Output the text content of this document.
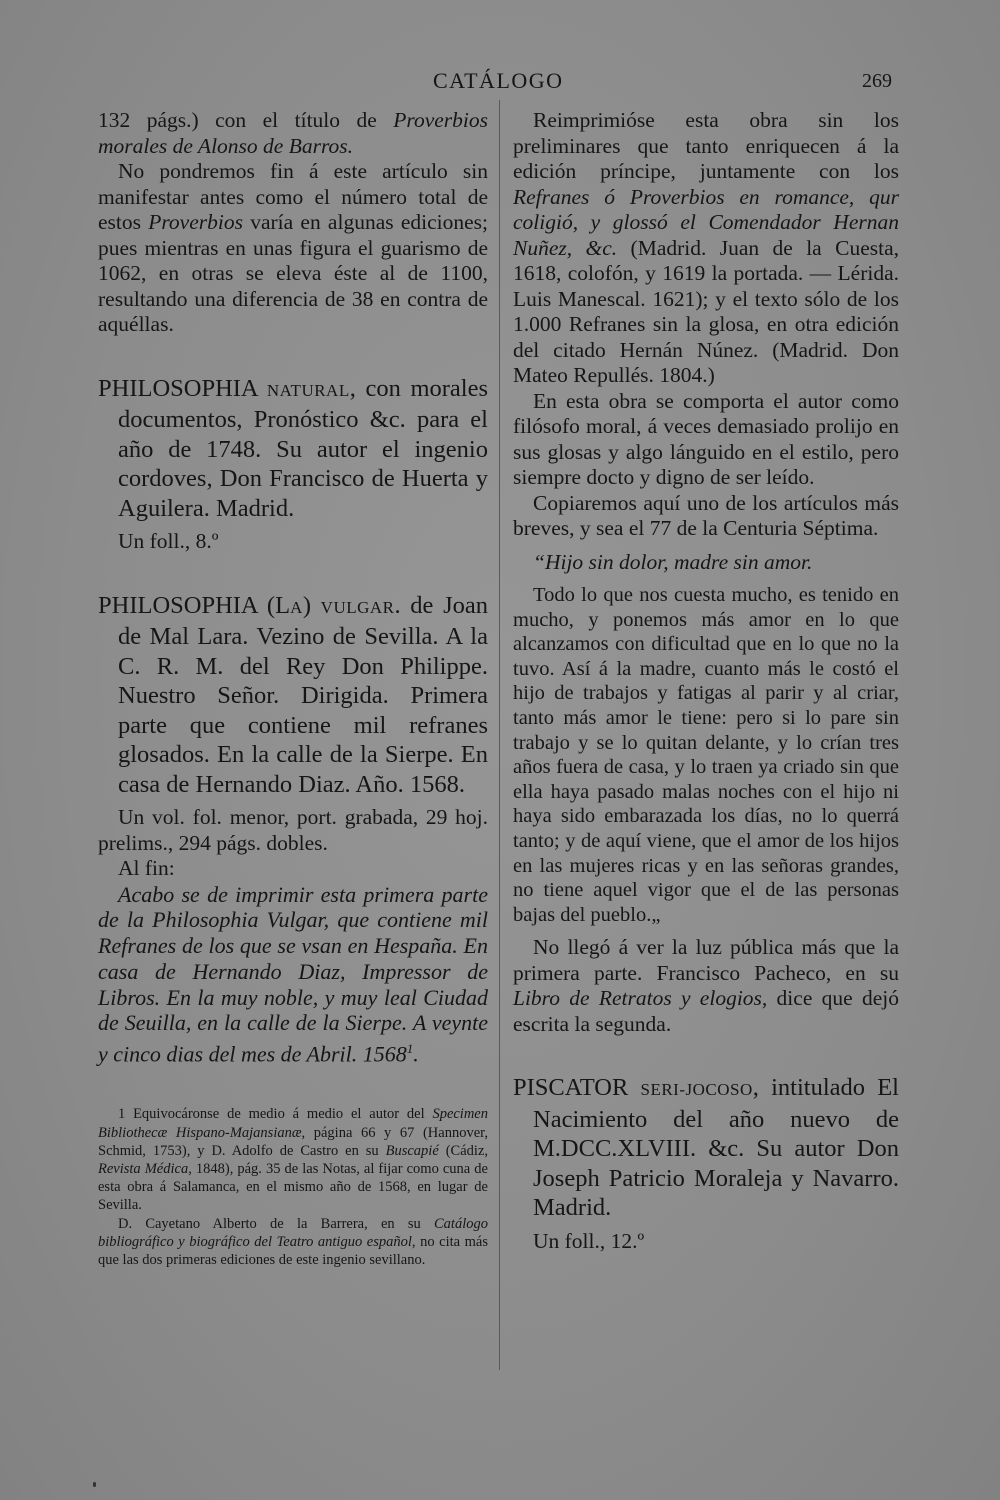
CATÁLOGO	269

132 págs.) con el título de Proverbios morales de Alonso de Barros.

No pondremos fin á este artículo sin manifestar antes como el número total de estos Proverbios varía en algunas ediciones; pues mientras en unas figura el guarismo de 1062, en otras se eleva éste al de 1100, resultando una diferencia de 38 en contra de aquéllas.

PHILOSOPHIA NATURAL, con morales documentos, Pronóstico &c. para el año de 1748. Su autor el ingenio cordoves, Don Francisco de Huerta y Aguilera. Madrid.

Un foll., 8.º

PHILOSOPHIA (LA) VULGAR. de Joan de Mal Lara. Vezino de Sevilla. A la C. R. M. del Rey Don Philippe. Nuestro Señor. Dirigida. Primera parte que contiene mil refranes glosados. En la calle de la Sierpe. En casa de Hernando Diaz. Año. 1568.

Un vol. fol. menor, port. grabada, 29 hoj. prelims., 294 págs. dobles.

Al fin:

Acabo se de imprimir esta primera parte de la Philosophia Vulgar, que contiene mil Refranes de los que se vsan en Hespaña. En casa de Hernando Diaz, Impressor de Libros. En la muy noble, y muy leal Ciudad de Seuilla, en la calle de la Sierpe. A veynte y cinco dias del mes de Abril. 1568$^1$.

1 Equivocáronse de medio á medio el autor del Specimen Bibliothecæ Hispano-Majansianæ, página 66 y 67 (Hannover, Schmid, 1753), y D. Adolfo de Castro en su Buscapié (Cádiz, Revista Médica, 1848), pág. 35 de las Notas, al fijar como cuna de esta obra á Salamanca, en el mismo año de 1568, en lugar de Sevilla.

D. Cayetano Alberto de la Barrera, en su Catálogo bibliográfico y biográfico del Teatro antiguo español, no cita más que las dos primeras ediciones de este ingenio sevillano.

Reimprimióse esta obra sin los preliminares que tanto enriquecen á la edición príncipe, juntamente con los Refranes ó Proverbios en romance, qur coligió, y glossó el Comendador Hernan Nuñez, &c. (Madrid. Juan de la Cuesta, 1618, colofón, y 1619 la portada. — Lérida. Luis Manescal. 1621); y el texto sólo de los 1.000 Refranes sin la glosa, en otra edición del citado Hernán Núnez. (Madrid. Don Mateo Repullés. 1804.)

En esta obra se comporta el autor como filósofo moral, á veces demasiado prolijo en sus glosas y algo lánguido en el estilo, pero siempre docto y digno de ser leído.

Copiaremos aquí uno de los artículos más breves, y sea el 77 de la Centuria Séptima.

“Hijo sin dolor, madre sin amor.

Todo lo que nos cuesta mucho, es tenido en mucho, y ponemos más amor en lo que alcanzamos con dificultad que en lo que no la tuvo. Así á la madre, cuanto más le costó el hijo de trabajos y fatigas al parir y al criar, tanto más amor le tiene: pero si lo pare sin trabajo y se lo quitan delante, y lo crían tres años fuera de casa, y lo traen ya criado sin que ella haya pasado malas noches con el hijo ni haya sido embarazada los días, no lo querrá tanto; y de aquí viene, que el amor de los hijos en las mujeres ricas y en las señoras grandes, no tiene aquel vigor que el de las personas bajas del pueblo.„

No llegó á ver la luz pública más que la primera parte. Francisco Pacheco, en su Libro de Retratos y elogios, dice que dejó escrita la segunda.

PISCATOR SERI-JOCOSO, intitulado El Nacimiento del año nuevo de M.DCC.XLVIII. &c. Su autor Don Joseph Patricio Moraleja y Navarro. Madrid.

Un foll., 12.º
